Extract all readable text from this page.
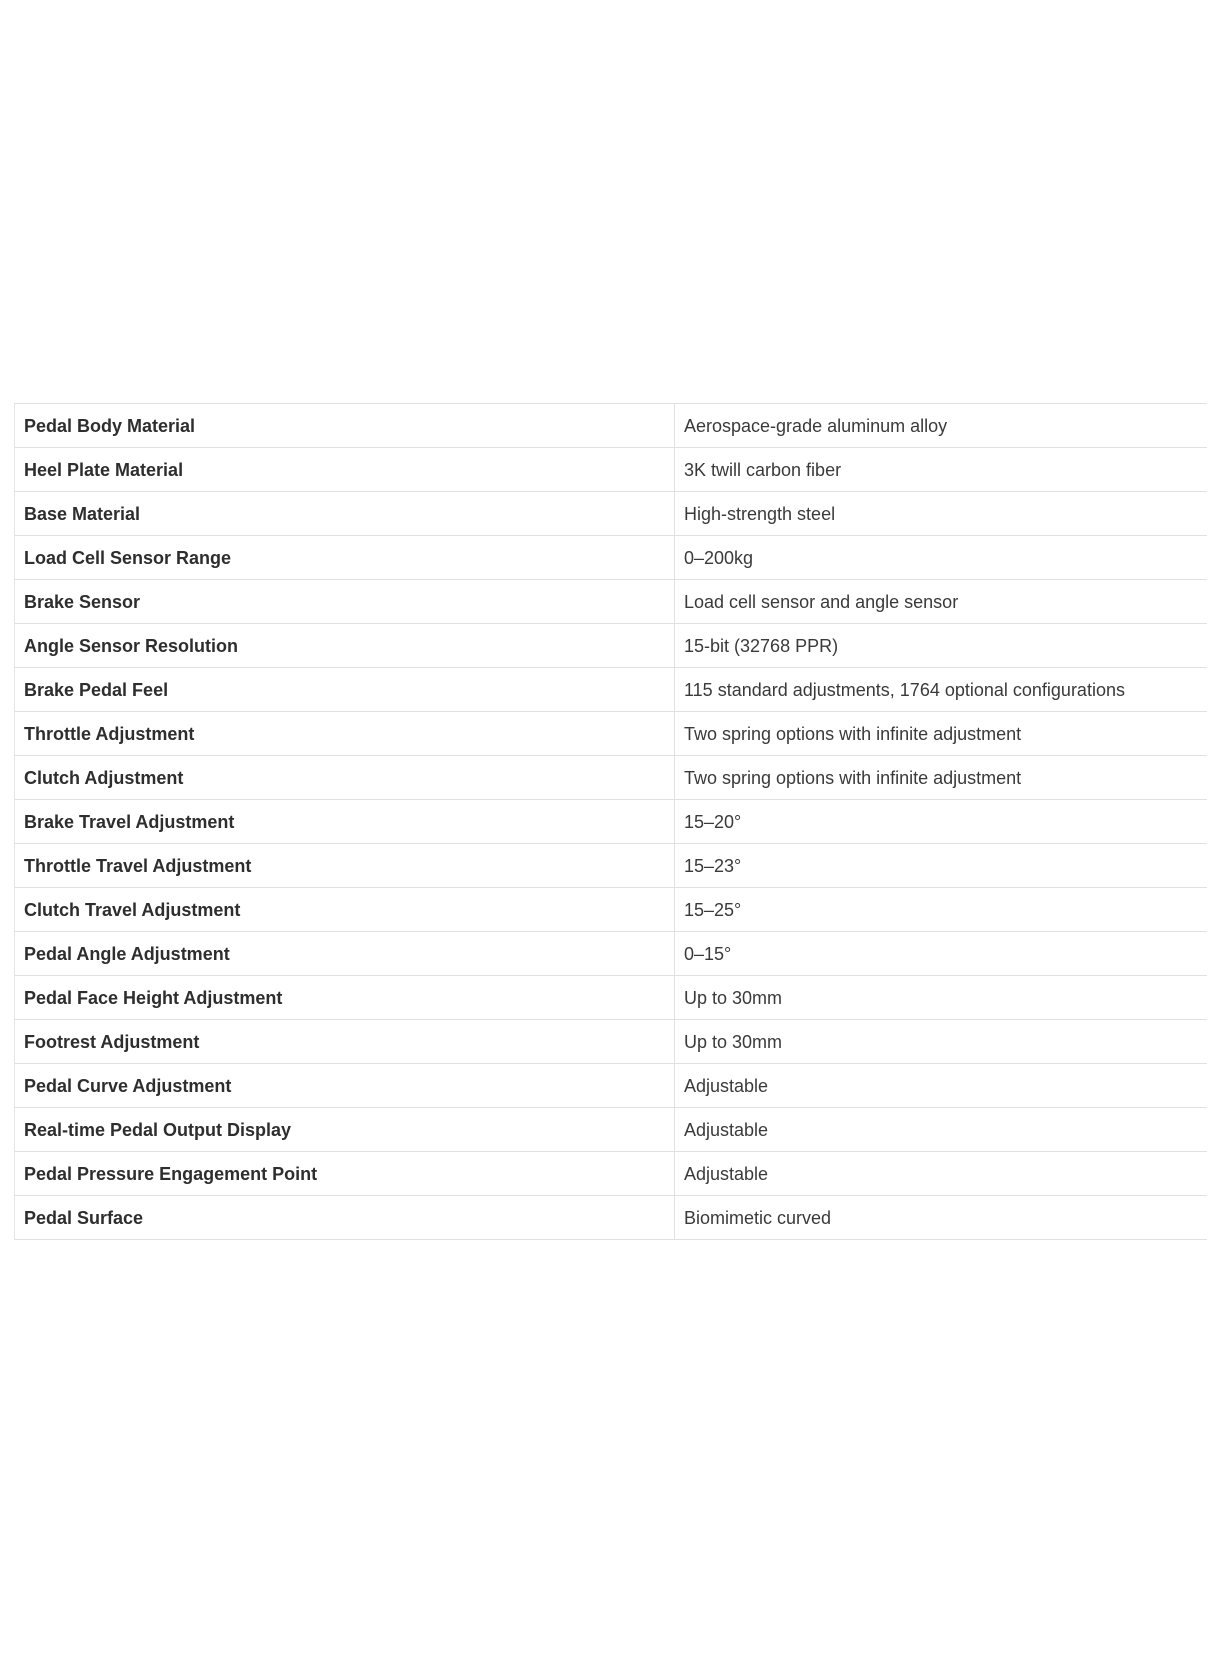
Pedal Body Material	Aerospace-grade aluminum alloy
Heel Plate Material	3K twill carbon fiber
Base Material	High-strength steel
Load Cell Sensor Range	0–200kg
Brake Sensor	Load cell sensor and angle sensor
Angle Sensor Resolution	15-bit (32768 PPR)
Brake Pedal Feel	115 standard adjustments, 1764 optional configurations
Throttle Adjustment	Two spring options with infinite adjustment
Clutch Adjustment	Two spring options with infinite adjustment
Brake Travel Adjustment	15–20°
Throttle Travel Adjustment	15–23°
Clutch Travel Adjustment	15–25°
Pedal Angle Adjustment	0–15°
Pedal Face Height Adjustment	Up to 30mm
Footrest Adjustment	Up to 30mm
Pedal Curve Adjustment	Adjustable
Real-time Pedal Output Display	Adjustable
Pedal Pressure Engagement Point	Adjustable
Pedal Surface	Biomimetic curved
